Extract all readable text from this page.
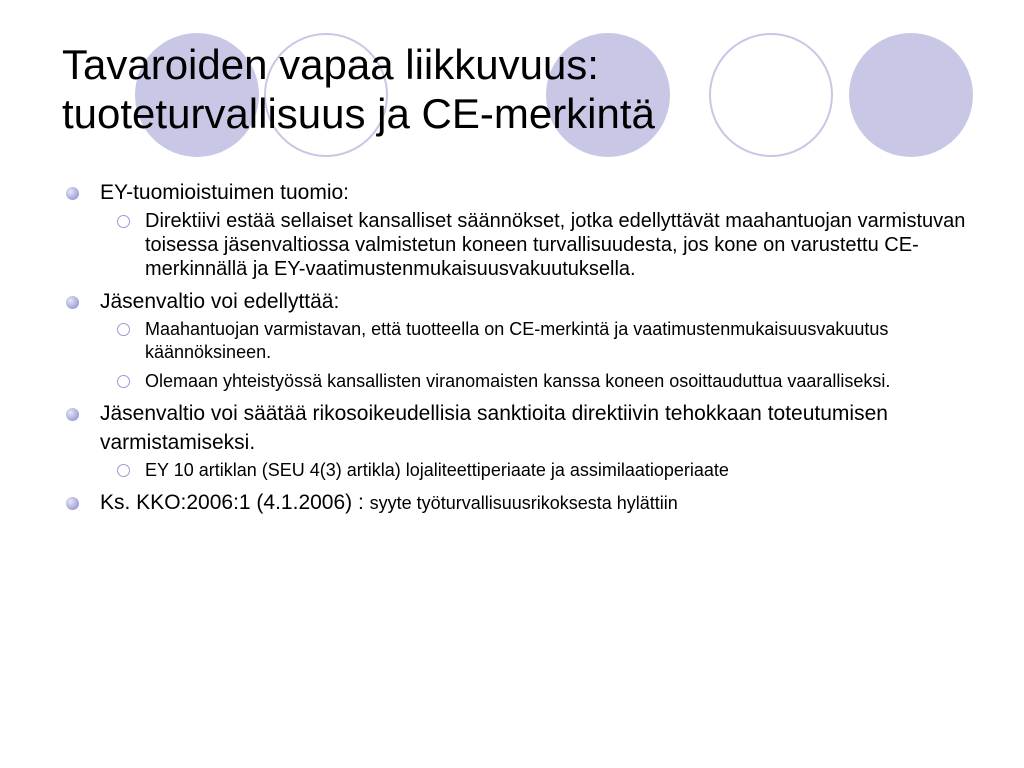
Tavaroiden vapaa liikkuvuus:
tuoteturvallisuus ja CE-merkintä
EY-tuomioistuimen tuomio:
Direktiivi estää sellaiset kansalliset säännökset, jotka edellyttävät maahantuojan varmistuvan toisessa jäsenvaltiossa valmistetun koneen turvallisuudesta, jos kone on varustettu CE-merkinnällä ja EY-vaatimustenmukaisuusvakuutuksella.
Jäsenvaltio voi edellyttää:
Maahantuojan varmistavan, että tuotteella on CE-merkintä ja vaatimustenmukaisuusvakuutus käännöksineen.
Olemaan yhteistyössä kansallisten viranomaisten kanssa koneen osoittauduttua vaaralliseksi.
Jäsenvaltio voi säätää rikosoikeudellisia sanktioita direktiivin tehokkaan toteutumisen varmistamiseksi.
EY 10 artiklan (SEU 4(3) artikla) lojaliteettiperiaate ja assimilaatioperiaate
Ks. KKO:2006:1 (4.1.2006) : syyte työturvallisuusrikoksesta hylättiin
